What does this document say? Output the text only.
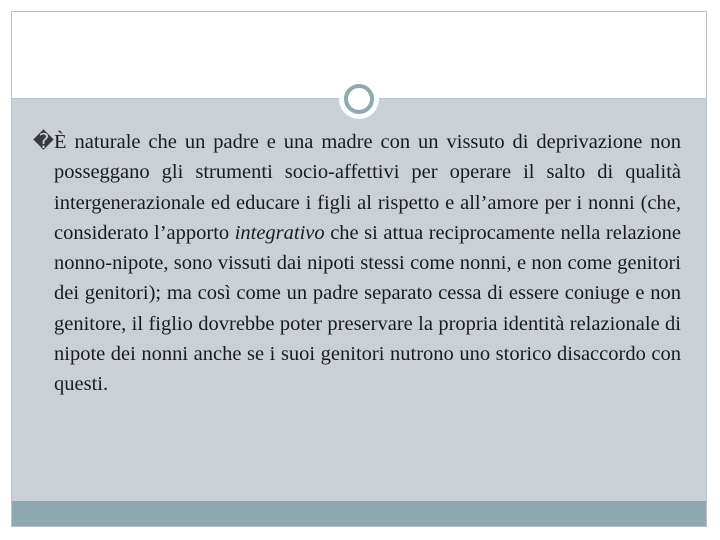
� È naturale che un padre e una madre con un vissuto di deprivazione non posseggano gli strumenti socio-affettivi per operare il salto di qualità intergenerazionale ed educare i figli al rispetto e all’amore per i nonni (che, considerato l’apporto integrativo che si attua reciprocamente nella relazione nonno-nipote, sono vissuti dai nipoti stessi come nonni, e non come genitori dei genitori); ma così come un padre separato cessa di essere coniuge e non genitore, il figlio dovrebbe poter preservare la propria identità relazionale di nipote dei nonni anche se i suoi genitori nutrono uno storico disaccordo con questi.
